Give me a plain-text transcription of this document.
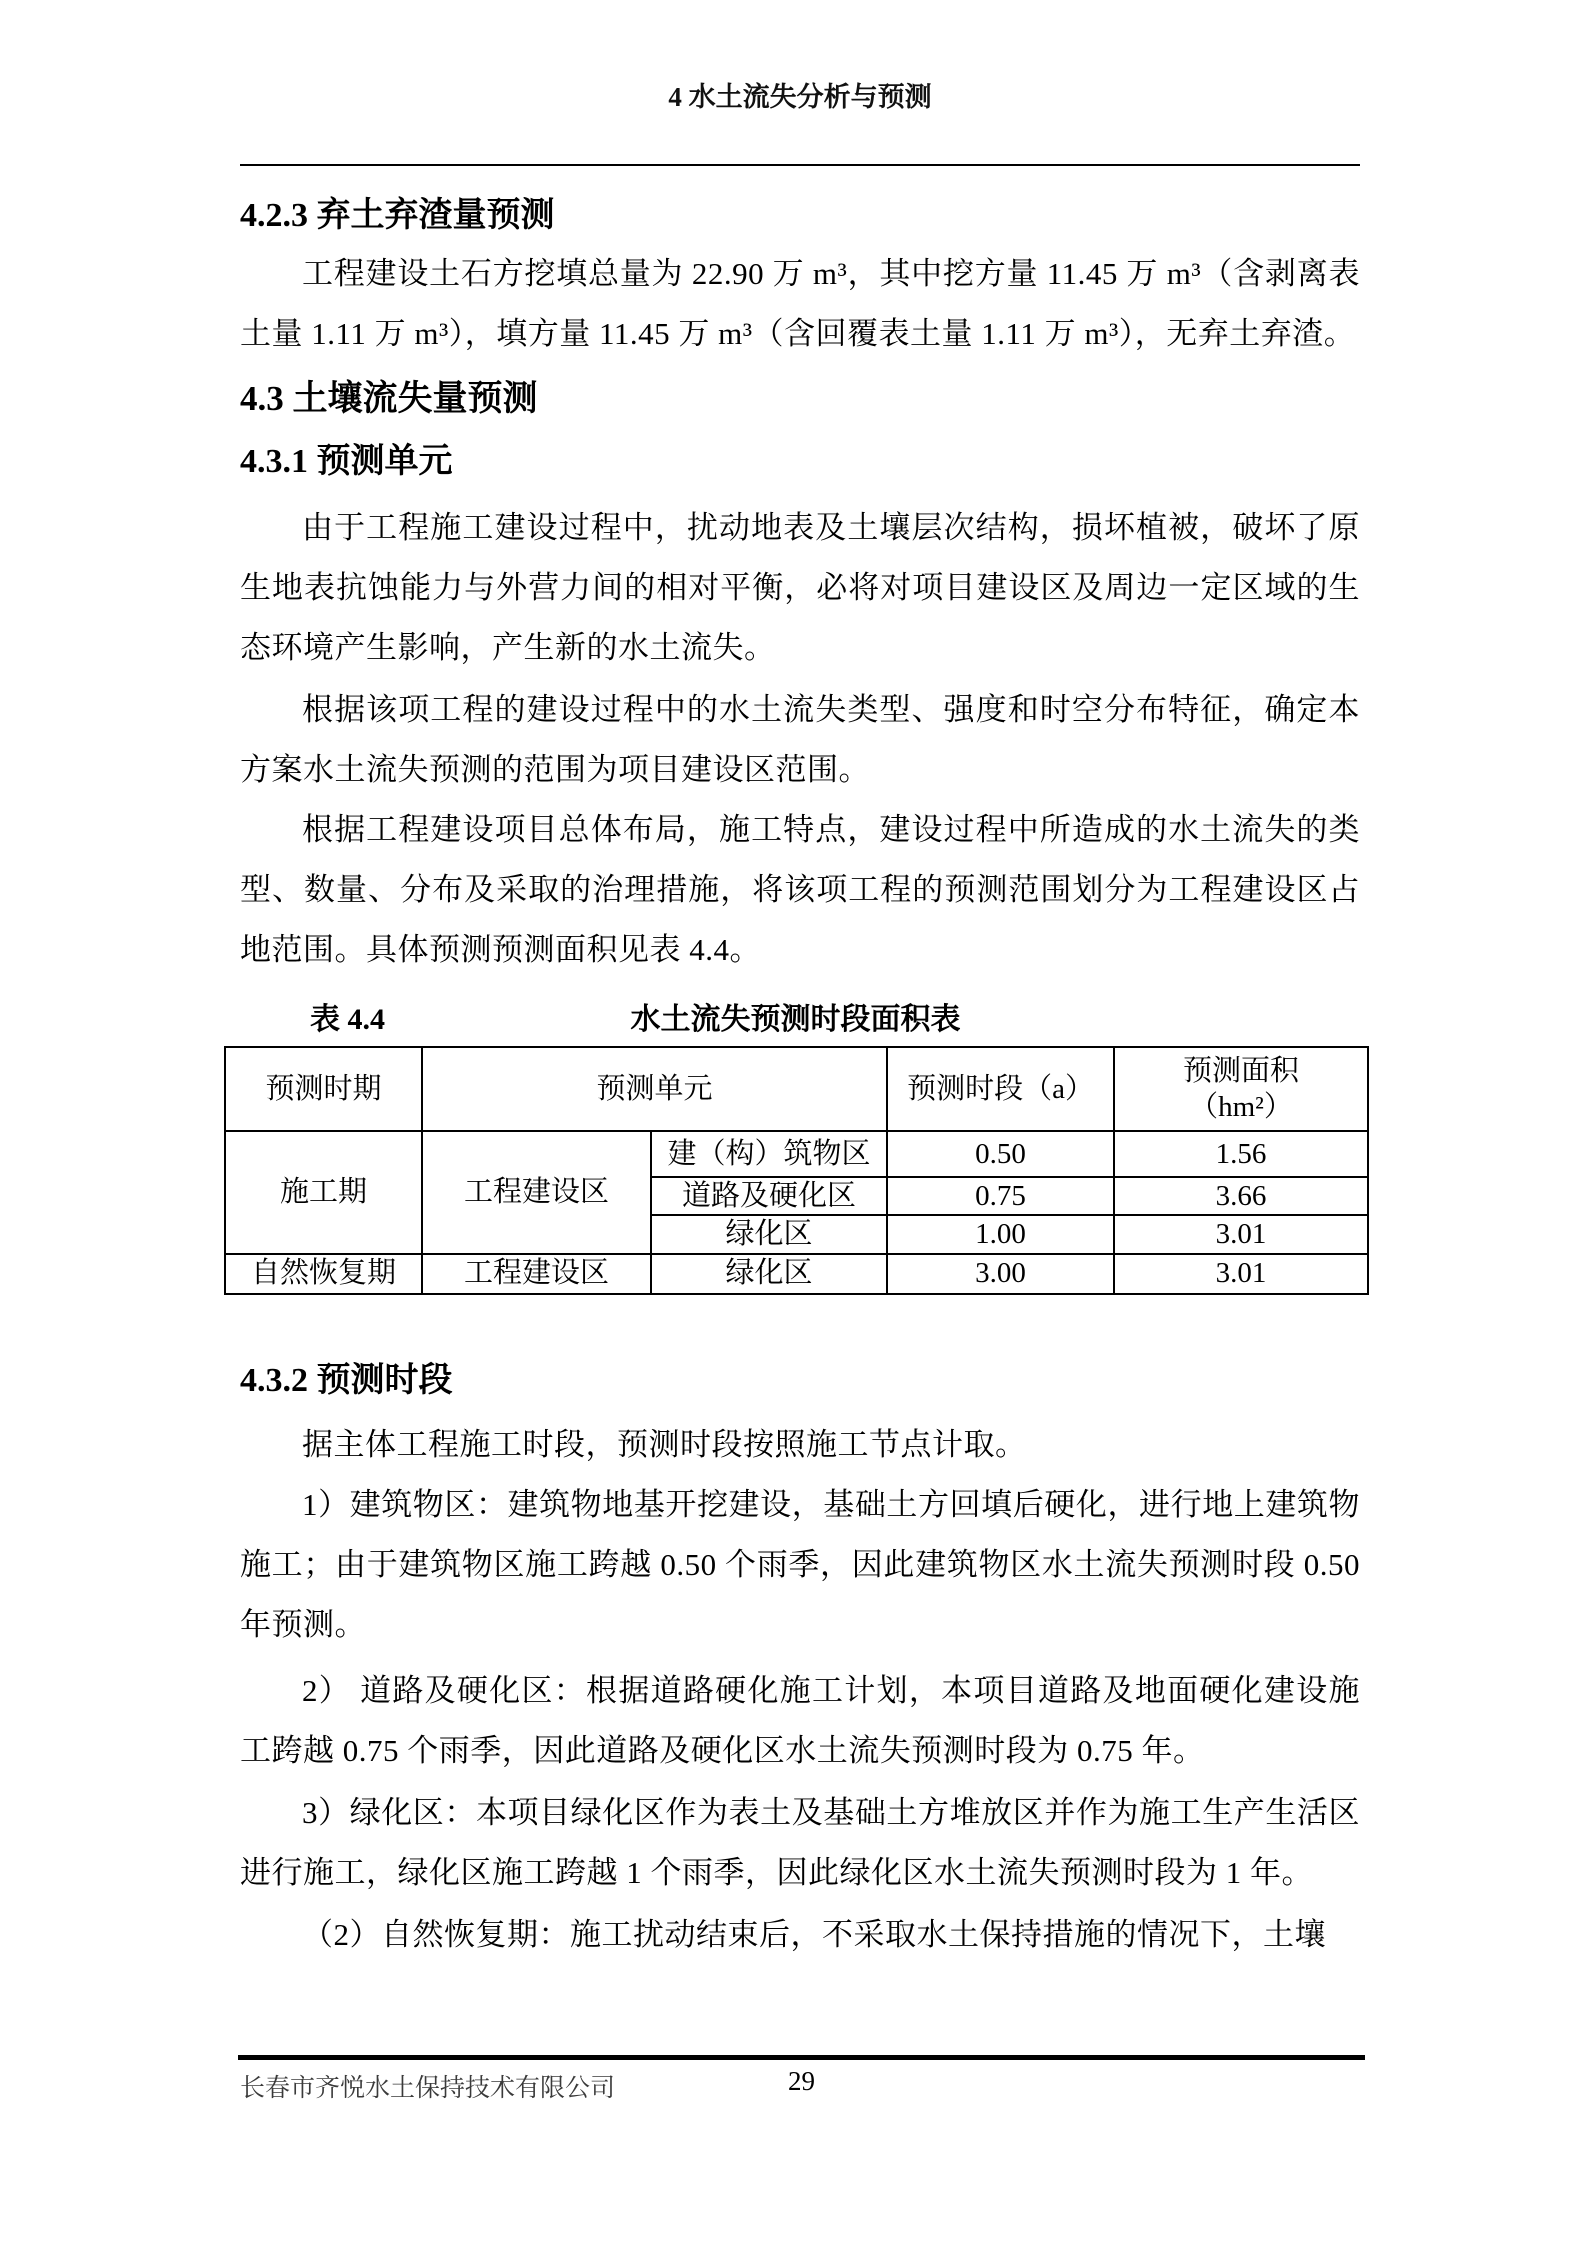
4 水土流失分析与预测
4.2.3 弃土弃渣量预测

工程建设土石方挖填总量为 22.90 万 m³，其中挖方量 11.45 万 m³（含剥离表土量 1.11 万 m³），填方量 11.45 万 m³（含回覆表土量 1.11 万 m³），无弃土弃渣。

4.3 土壤流失量预测
4.3.1 预测单元

由于工程施工建设过程中，扰动地表及土壤层次结构，损坏植被，破坏了原生地表抗蚀能力与外营力间的相对平衡，必将对项目建设区及周边一定区域的生态环境产生影响，产生新的水土流失。

根据该项工程的建设过程中的水土流失类型、强度和时空分布特征，确定本方案水土流失预测的范围为项目建设区范围。

根据工程建设项目总体布局，施工特点，建设过程中所造成的水土流失的类型、数量、分布及采取的治理措施，将该项工程的预测范围划分为工程建设区占地范围。具体预测预测面积见表 4.4。

表 4.4	水土流失预测时段面积表
预测时期	预测单元		预测时段（a）	预测面积
（hm²）

施工期	工程建设区	建（构）筑物区	0.50	1.56
		道路及硬化区	0.75	3.66
		绿化区	1.00	3.01
自然恢复期	工程建设区	绿化区	3.00	3.01
4.3.2 预测时段

据主体工程施工时段，预测时段按照施工节点计取。

1）建筑物区：建筑物地基开挖建设，基础土方回填后硬化，进行地上建筑物施工；由于建筑物区施工跨越 0.50 个雨季，因此建筑物区水土流失预测时段 0.50 年预测。

2） 道路及硬化区：根据道路硬化施工计划，本项目道路及地面硬化建设施工跨越 0.75 个雨季，因此道路及硬化区水土流失预测时段为 0.75 年。

3）绿化区：本项目绿化区作为表土及基础土方堆放区并作为施工生产生活区进行施工，绿化区施工跨越 1 个雨季，因此绿化区水土流失预测时段为 1 年。

（2）自然恢复期：施工扰动结束后，不采取水土保持措施的情况下，土壤

长春市齐悦水土保持技术有限公司	29
